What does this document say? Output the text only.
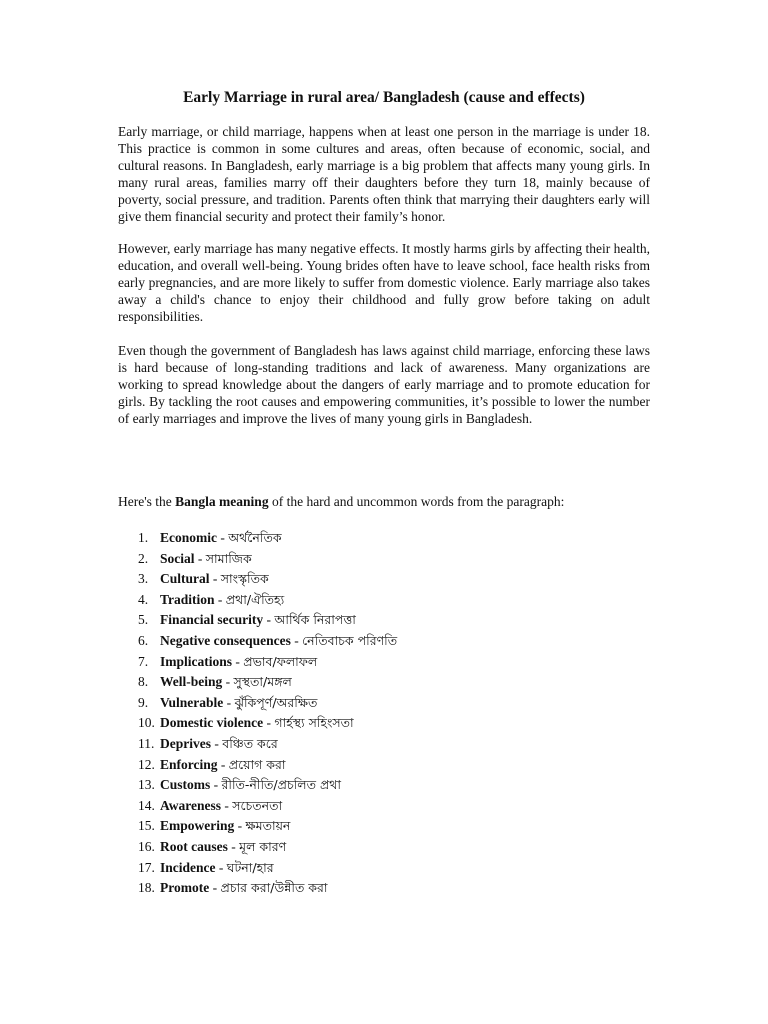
Early Marriage in rural area/ Bangladesh (cause and effects)

Early marriage, or child marriage, happens when at least one person in the marriage is under 18. This practice is common in some cultures and areas, often because of economic, social, and cultural reasons. In Bangladesh, early marriage is a big problem that affects many young girls. In many rural areas, families marry off their daughters before they turn 18, mainly because of poverty, social pressure, and tradition. Parents often think that marrying their daughters early will give them financial security and protect their family’s honor.

However, early marriage has many negative effects. It mostly harms girls by affecting their health, education, and overall well-being. Young brides often have to leave school, face health risks from early pregnancies, and are more likely to suffer from domestic violence. Early marriage also takes away a child's chance to enjoy their childhood and fully grow before taking on adult responsibilities.

Even though the government of Bangladesh has laws against child marriage, enforcing these laws is hard because of long-standing traditions and lack of awareness. Many organizations are working to spread knowledge about the dangers of early marriage and to promote education for girls. By tackling the root causes and empowering communities, it’s possible to lower the number of early marriages and improve the lives of many young girls in Bangladesh.

Here's the Bangla meaning of the hard and uncommon words from the paragraph:
1. Economic - অর্থনৈতিক
2. Social - সামাজিক
3. Cultural - সাংস্কৃতিক
4. Tradition - প্রথা/ঐতিহ্য
5. Financial security - আর্থিক নিরাপত্তা
6. Negative consequences - নেতিবাচক পরিণতি
7. Implications - প্রভাব/ফলাফল
8. Well-being - সুস্থতা/মঙ্গল
9. Vulnerable - ঝুঁকিপূর্ণ/অরক্ষিত
10. Domestic violence - গার্হস্থ্য সহিংসতা
11. Deprives - বঞ্চিত করে
12. Enforcing - প্রয়োগ করা
13. Customs - রীতি-নীতি/প্রচলিত প্রথা
14. Awareness - সচেতনতা
15. Empowering - ক্ষমতায়ন
16. Root causes - মূল কারণ
17. Incidence - ঘটনা/হার
18. Promote - প্রচার করা/উন্নীত করা
